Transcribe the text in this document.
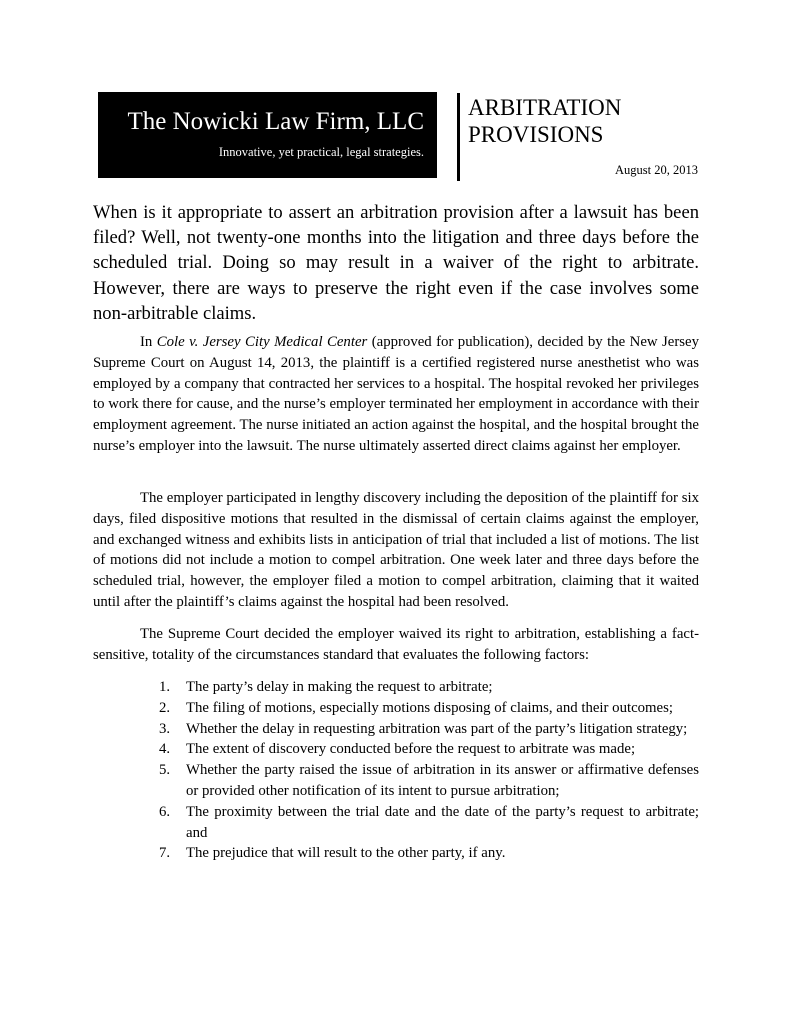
The Nowicki Law Firm, LLC
Innovative, yet practical, legal strategies.
ARBITRATION
PROVISIONS
August 20, 2013

When is it appropriate to assert an arbitration provision after a lawsuit has been filed? Well, not twenty-one months into the litigation and three days before the scheduled trial. Doing so may result in a waiver of the right to arbitrate. However, there are ways to preserve the right even if the case involves some non-arbitrable claims.

In Cole v. Jersey City Medical Center (approved for publication), decided by the New Jersey Supreme Court on August 14, 2013, the plaintiff is a certified registered nurse anesthetist who was employed by a company that contracted her services to a hospital. The hospital revoked her privileges to work there for cause, and the nurse’s employer terminated her employment in accordance with their employment agreement. The nurse initiated an action against the hospital, and the hospital brought the nurse’s employer into the lawsuit. The nurse ultimately asserted direct claims against her employer.

The employer participated in lengthy discovery including the deposition of the plaintiff for six days, filed dispositive motions that resulted in the dismissal of certain claims against the employer, and exchanged witness and exhibits lists in anticipation of trial that included a list of motions. The list of motions did not include a motion to compel arbitration. One week later and three days before the scheduled trial, however, the employer filed a motion to compel arbitration, claiming that it waited until after the plaintiff’s claims against the hospital had been resolved.

The Supreme Court decided the employer waived its right to arbitration, establishing a fact-sensitive, totality of the circumstances standard that evaluates the following factors:

1. The party’s delay in making the request to arbitrate;
2. The filing of motions, especially motions disposing of claims, and their outcomes;
3. Whether the delay in requesting arbitration was part of the party’s litigation strategy;
4. The extent of discovery conducted before the request to arbitrate was made;
5. Whether the party raised the issue of arbitration in its answer or affirmative defenses or provided other notification of its intent to pursue arbitration;
6. The proximity between the trial date and the date of the party’s request to arbitrate; and
7. The prejudice that will result to the other party, if any.
